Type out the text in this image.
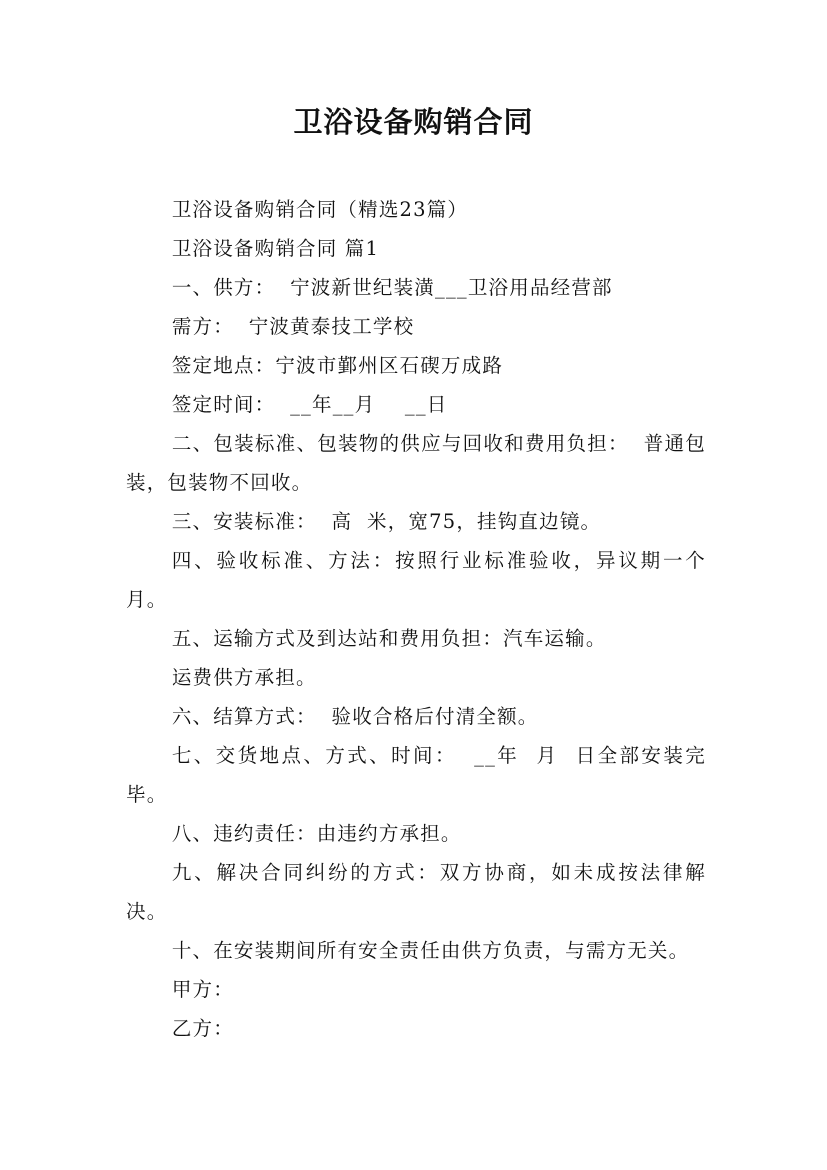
卫浴设备购销合同

卫浴设备购销合同（精选23篇）

卫浴设备购销合同 篇1

一、供方：  宁波新世纪装潢___卫浴用品经营部

需方：  宁波黄泰技工学校

签定地点：宁波市鄞州区石碶万成路

签定时间：  __年__月    __日

二、包装标准、包装物的供应与回收和费用负担：  普通包装，包装物不回收。

三、安装标准：  高  米，宽75，挂钩直边镜。

四、验收标准、方法：按照行业标准验收，异议期一个月。

五、运输方式及到达站和费用负担：汽车运输。

运费供方承担。

六、结算方式：  验收合格后付清全额。

七、交货地点、方式、时间：  __年  月  日全部安装完毕。

八、违约责任：由违约方承担。

九、解决合同纠纷的方式：双方协商，如未成按法律解决。

十、在安装期间所有安全责任由供方负责，与需方无关。

甲方：

乙方：
